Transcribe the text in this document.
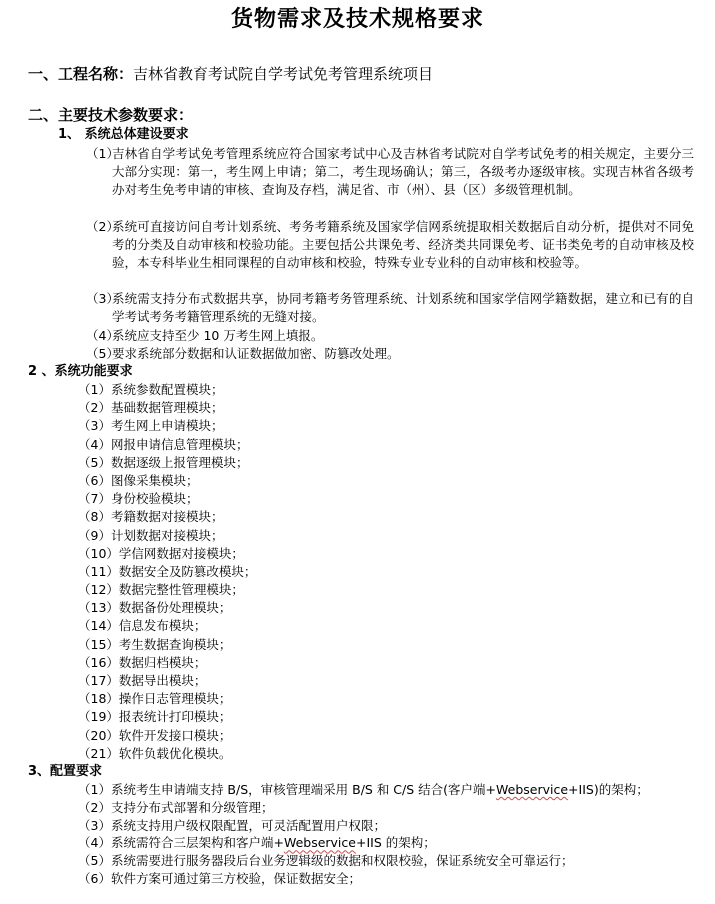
货物需求及技术规格要求
一、工程名称：吉林省教育考试院自学考试免考管理系统项目
二、主要技术参数要求：
1、 系统总体建设要求
（1）
吉林省自学考试免考管理系统应符合国家考试中心及吉林省考试院对自学考试免考的相关规定，主要分三大部分实现：第一，考生网上申请；第二，考生现场确认；第三，各级考办逐级审核。实现吉林省各级考办对考生免考申请的审核、查询及存档，满足省、市（州）、县（区）多级管理机制。
（2）
系统可直接访问自考计划系统、考务考籍系统及国家学信网系统提取相关数据后自动分析，提供对不同免考的分类及自动审核和校验功能。主要包括公共课免考、经济类共同课免考、证书类免考的自动审核及校验，本专科毕业生相同课程的自动审核和校验，特殊专业专业科的自动审核和校验等。
（3）
系统需支持分布式数据共享，协同考籍考务管理系统、计划系统和国家学信网学籍数据，建立和已有的自学考试考务考籍管理系统的无缝对接。
（4）
系统应支持至少 10 万考生网上填报。
（5）
要求系统部分数据和认证数据做加密、防篡改处理。
2 、系统功能要求
（1）系统参数配置模块；
（2）基础数据管理模块；
（3）考生网上申请模块；
（4）网报申请信息管理模块；
（5）数据逐级上报管理模块；
（6）图像采集模块；
（7）身份校验模块；
（8）考籍数据对接模块；
（9）计划数据对接模块；
（10）学信网数据对接模块；
（11）数据安全及防篡改模块；
（12）数据完整性管理模块；
（13）数据备份处理模块；
（14）信息发布模块；
（15）考生数据查询模块；
（16）数据归档模块；
（17）数据导出模块；
（18）操作日志管理模块；
（19）报表统计打印模块；
（20）软件开发接口模块；
（21）软件负载优化模块。
3、配置要求
（1）系统考生申请端支持 B/S，审核管理端采用 B/S 和 C/S 结合(客户端+Webservice+IIS)的架构；
（2）支持分布式部署和分级管理；
（3）系统支持用户级权限配置，可灵活配置用户权限；
（4）系统需符合三层架构和客户端+Webservice+IIS 的架构；
（5）系统需要进行服务器段后台业务逻辑级的数据和权限校验，保证系统安全可靠运行；
（6）软件方案可通过第三方校验，保证数据安全；
